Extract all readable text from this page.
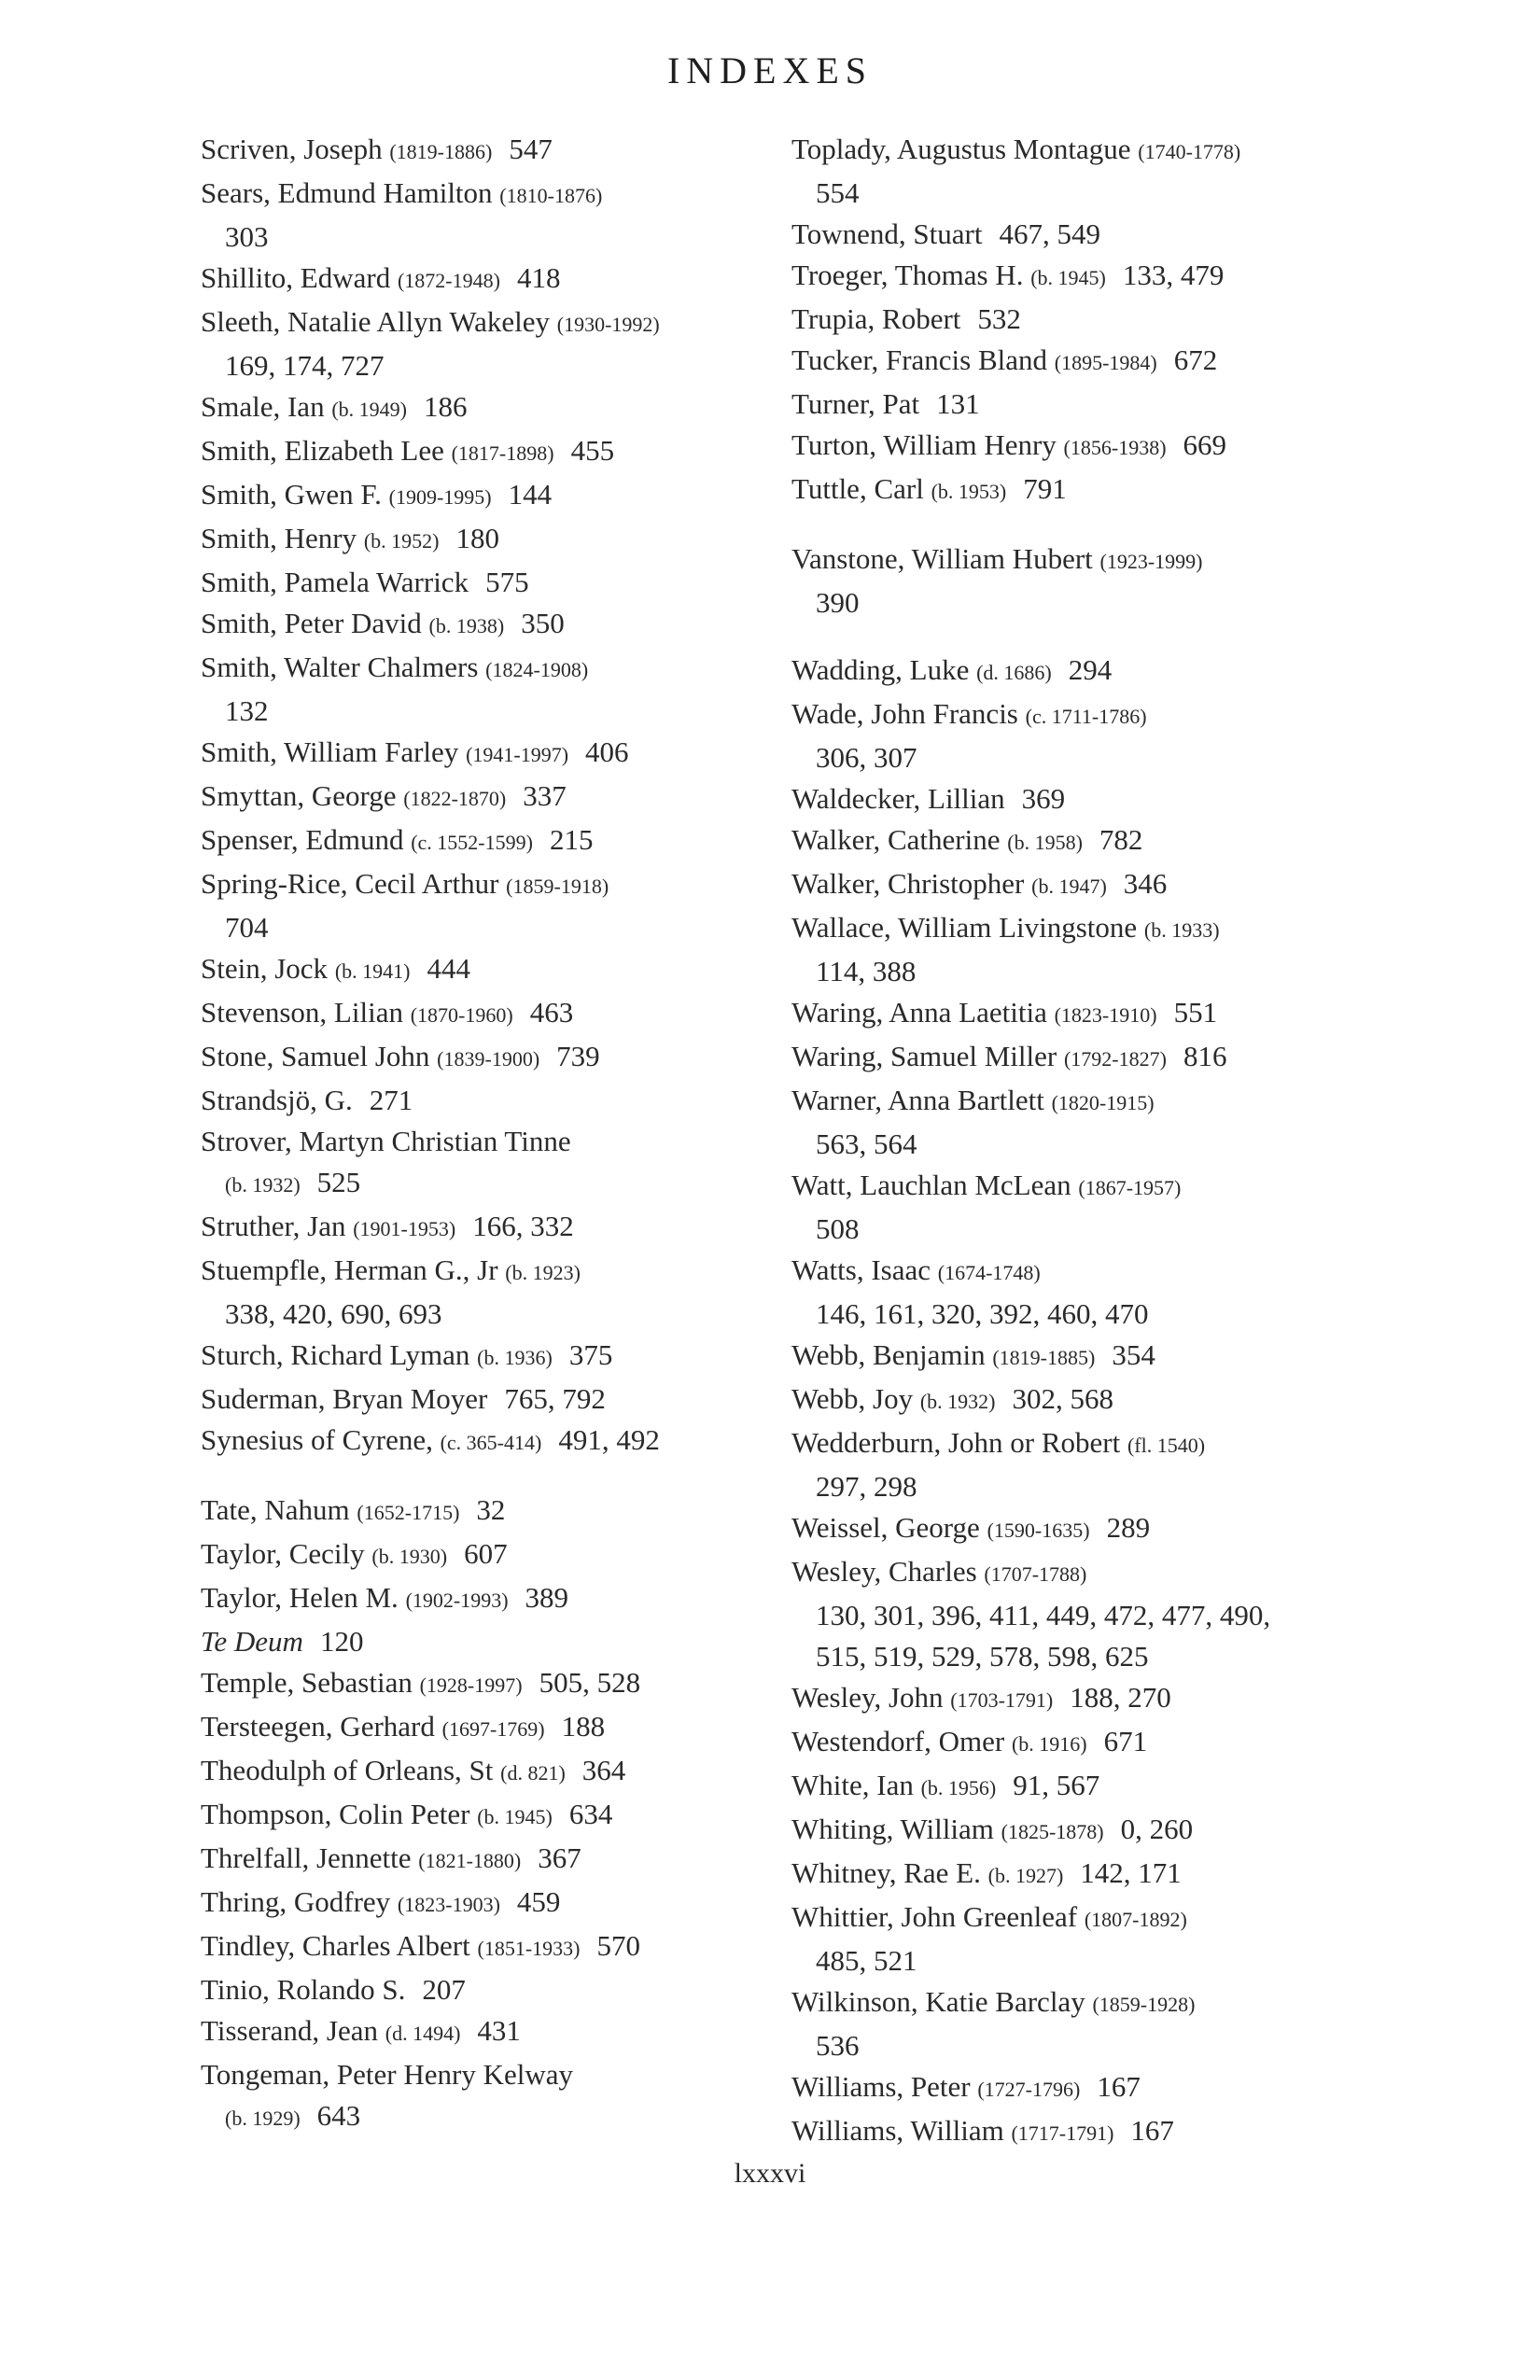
INDEXES

Scriven, Joseph (1819-1886) 547

Sears, Edmund Hamilton (1810-1876)
303

Shillito, Edward (1872-1948) 418

Sleeth, Natalie Allyn Wakeley (1930-1992)
169, 174, 727

Smale, Ian (b. 1949) 186

Smith, Elizabeth Lee (1817-1898) 455

Smith, Gwen F. (1909-1995) 144

Smith, Henry (b. 1952) 180

Smith, Pamela Warrick 575

Smith, Peter David (b. 1938) 350

Smith, Walter Chalmers (1824-1908)
132

Smith, William Farley (1941-1997) 406

Smyttan, George (1822-1870) 337

Spenser, Edmund (c. 1552-1599) 215

Spring-Rice, Cecil Arthur (1859-1918)
704

Stein, Jock (b. 1941) 444

Stevenson, Lilian (1870-1960) 463

Stone, Samuel John (1839-1900) 739

Strandsjö, G. 271

Strover, Martyn Christian Tinne
(b. 1932) 525

Struther, Jan (1901-1953) 166, 332

Stuempfle, Herman G., Jr (b. 1923)
338, 420, 690, 693

Sturch, Richard Lyman (b. 1936) 375

Suderman, Bryan Moyer 765, 792

Synesius of Cyrene, (c. 365-414) 491, 492

Tate, Nahum (1652-1715) 32

Taylor, Cecily (b. 1930) 607

Taylor, Helen M. (1902-1993) 389

Te Deum 120

Temple, Sebastian (1928-1997) 505, 528

Tersteegen, Gerhard (1697-1769) 188

Theodulph of Orleans, St (d. 821) 364

Thompson, Colin Peter (b. 1945) 634

Threlfall, Jennette (1821-1880) 367

Thring, Godfrey (1823-1903) 459

Tindley, Charles Albert (1851-1933) 570

Tinio, Rolando S. 207

Tisserand, Jean (d. 1494) 431

Tongeman, Peter Henry Kelway
(b. 1929) 643

Toplady, Augustus Montague (1740-1778)
554

Townend, Stuart 467, 549

Troeger, Thomas H. (b. 1945) 133, 479

Trupia, Robert 532

Tucker, Francis Bland (1895-1984) 672

Turner, Pat 131

Turton, William Henry (1856-1938) 669

Tuttle, Carl (b. 1953) 791

Vanstone, William Hubert (1923-1999)
390

Wadding, Luke (d. 1686) 294

Wade, John Francis (c. 1711-1786)
306, 307

Waldecker, Lillian 369

Walker, Catherine (b. 1958) 782

Walker, Christopher (b. 1947) 346

Wallace, William Livingstone (b. 1933)
114, 388

Waring, Anna Laetitia (1823-1910) 551

Waring, Samuel Miller (1792-1827) 816

Warner, Anna Bartlett (1820-1915)
563, 564

Watt, Lauchlan McLean (1867-1957)
508

Watts, Isaac (1674-1748)
146, 161, 320, 392, 460, 470

Webb, Benjamin (1819-1885) 354

Webb, Joy (b. 1932) 302, 568

Wedderburn, John or Robert (fl. 1540)
297, 298

Weissel, George (1590-1635) 289

Wesley, Charles (1707-1788)
130, 301, 396, 411, 449, 472, 477, 490,
515, 519, 529, 578, 598, 625

Wesley, John (1703-1791) 188, 270

Westendorf, Omer (b. 1916) 671

White, Ian (b. 1956) 91, 567

Whiting, William (1825-1878) 0, 260

Whitney, Rae E. (b. 1927) 142, 171

Whittier, John Greenleaf (1807-1892)
485, 521

Wilkinson, Katie Barclay (1859-1928)
536

Williams, Peter (1727-1796) 167

Williams, William (1717-1791) 167

lxxxvi
